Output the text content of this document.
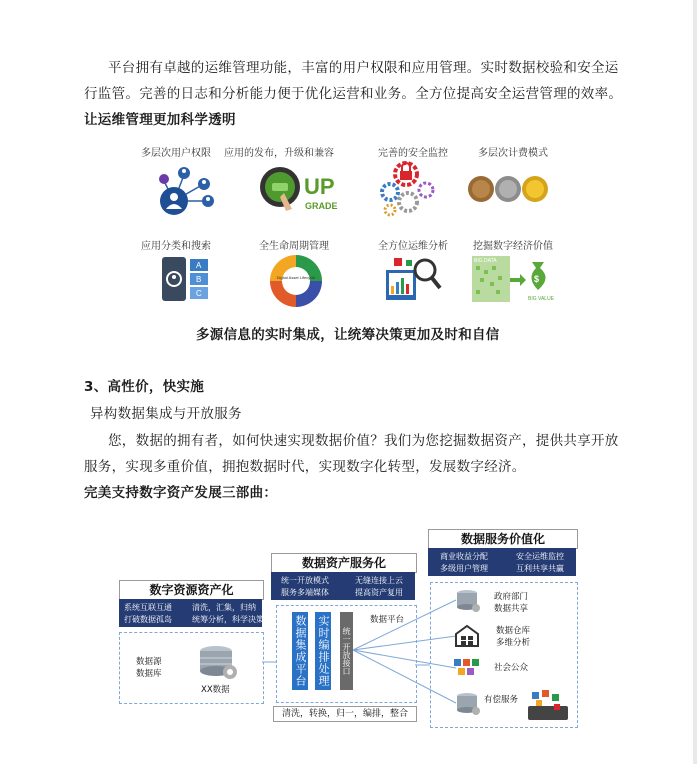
平台拥有卓越的运维管理功能，丰富的用户权限和应用管理。实时数据校验和安全运
行监管。完善的日志和分析能力便于优化运营和业务。全方位提高安全运营管理的效率。
让运维管理更加科学透明
多层次用户权限	应用的发布，升级和兼容	完善的安全监控	多层次计费模式
应用分类和搜索	全生命周期管理	全方位运维分析	挖掘数字经济价值
UP
GRADE
A
B
C
Digital Asset Lifecycle
BIG DATA
$
BIG VALUE
多源信息的实时集成，让统筹决策更加及时和自信
3、高性价，快实施
异构数据集成与开放服务
您，数据的拥有者，如何快速实现数据价值？我们为您挖掘数据资产，提供共享开放
服务，实现多重价值，拥抱数据时代，实现数字化转型，发展数字经济。
完美支持数字资产发展三部曲：
数字资源资产化
系统互联互通	清洗，汇集，归纳
打破数据孤岛	统筹分析，科学决策
数据源
数据库
XX数据
数据资产服务化
统一开放模式	无缝连接上云
服务多端媒体	提高资产复用
数据集成平台 实时编排处理 统一开放接口
数据平台
清洗，转换，归一，编排，整合
数据服务价值化
商业收益分配	安全运维监控
多级用户管理	互利共享共赢
政府部门
数据共享
数据仓库
多维分析
社会公众
有偿服务
